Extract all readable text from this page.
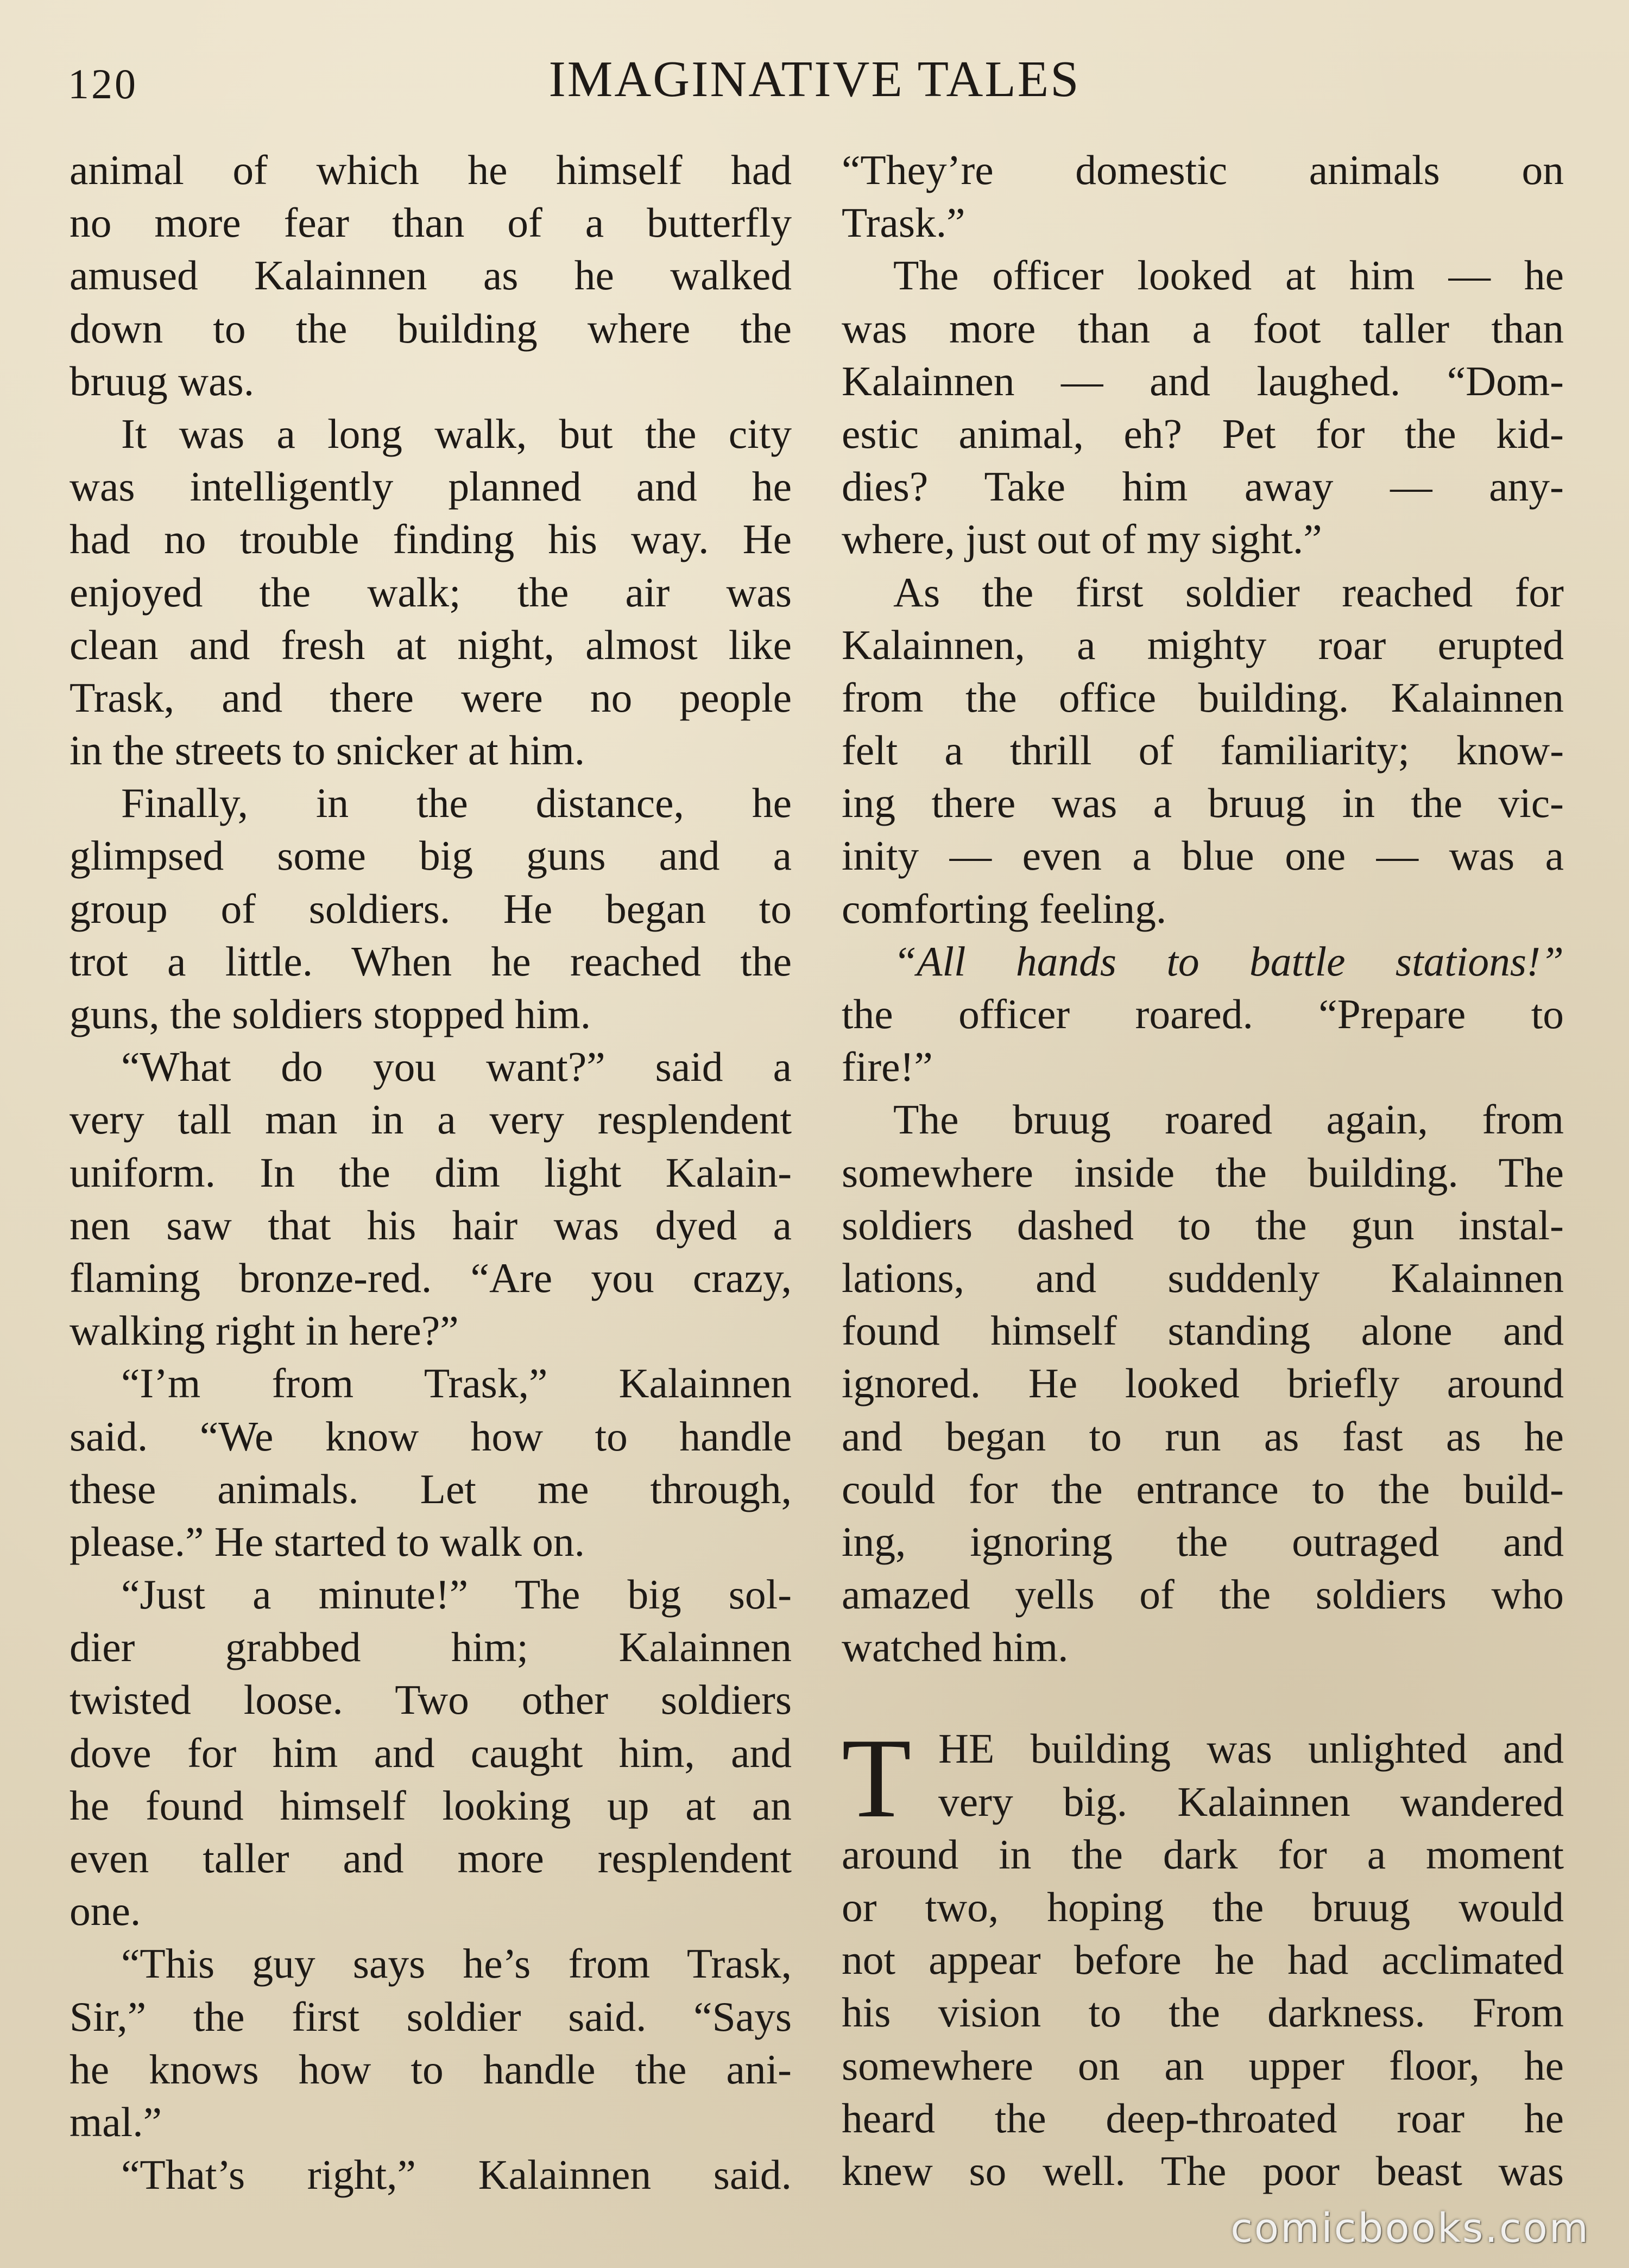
120	IMAGINATIVE TALES
animal of which he himself had
no more fear than of a butterfly
amused Kalainnen as he walked
down to the building where the
bruug was.
It was a long walk, but the city
was intelligently planned and he
had no trouble finding his way. He
enjoyed the walk; the air was
clean and fresh at night, almost like
Trask, and there were no people
in the streets to snicker at him.
Finally, in the distance, he
glimpsed some big guns and a
group of soldiers. He began to
trot a little. When he reached the
guns, the soldiers stopped him.
“What do you want?” said a
very tall man in a very resplendent
uniform. In the dim light Kalain-
nen saw that his hair was dyed a
flaming bronze-red. “Are you crazy,
walking right in here?”
“I’m from Trask,” Kalainnen
said. “We know how to handle
these animals. Let me through,
please.” He started to walk on.
“Just a minute!” The big sol-
dier grabbed him; Kalainnen
twisted loose. Two other soldiers
dove for him and caught him, and
he found himself looking up at an
even taller and more resplendent
one.
“This guy says he’s from Trask,
Sir,” the first soldier said. “Says
he knows how to handle the ani-
mal.”
“That’s right,” Kalainnen said.
“They’re domestic animals on
Trask.”
The officer looked at him — he
was more than a foot taller than
Kalainnen — and laughed. “Dom-
estic animal, eh? Pet for the kid-
dies? Take him away — any-
where, just out of my sight.”
As the first soldier reached for
Kalainnen, a mighty roar erupted
from the office building. Kalainnen
felt a thrill of familiarity; know-
ing there was a bruug in the vic-
inity — even a blue one — was a
comforting feeling.
“All hands to battle stations!”
the officer roared. “Prepare to
fire!”
The bruug roared again, from
somewhere inside the building. The
soldiers dashed to the gun instal-
lations, and suddenly Kalainnen
found himself standing alone and
ignored. He looked briefly around
and began to run as fast as he
could for the entrance to the build-
ing, ignoring the outraged and
amazed yells of the soldiers who
watched him.
T HE building was unlighted and
very big. Kalainnen wandered
around in the dark for a moment
or two, hoping the bruug would
not appear before he had acclimated
his vision to the darkness. From
somewhere on an upper floor, he
heard the deep-throated roar he
knew so well. The poor beast was
comicbooks.com
